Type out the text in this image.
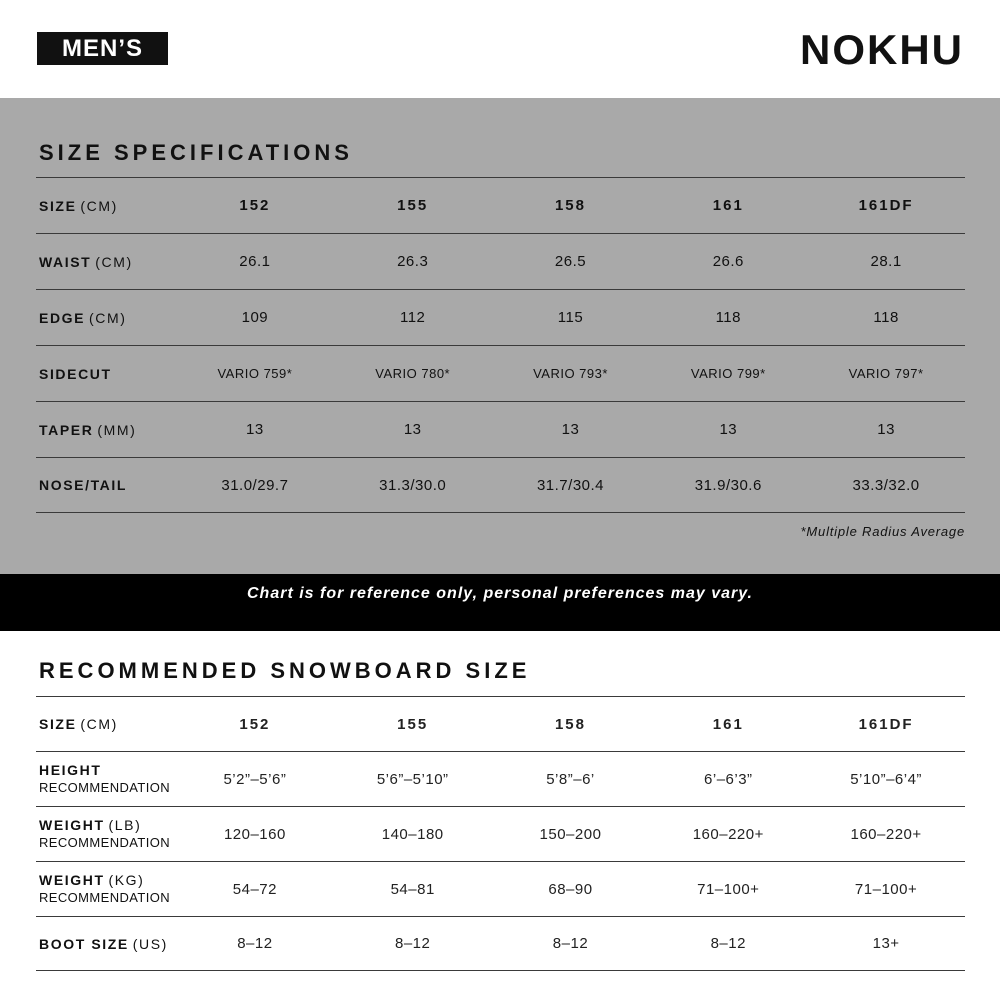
MEN’S	NOKHU
SIZE SPECIFICATIONS
SIZE (CM)	152	155	158	161	161DF
WAIST (CM)	26.1	26.3	26.5	26.6	28.1
EDGE (CM)	109	112	115	118	118
SIDECUT	VARIO 759*	VARIO 780*	VARIO 793*	VARIO 799*	VARIO 797*
TAPER (MM)	13	13	13	13	13
NOSE/TAIL	31.0/29.7	31.3/30.0	31.7/30.4	31.9/30.6	33.3/32.0
*Multiple Radius Average
Chart is for reference only, personal preferences may vary.
RECOMMENDED SNOWBOARD SIZE
SIZE (CM)	152	155	158	161	161DF
HEIGHT
RECOMMENDATION	5’2”–5’6”	5’6”–5’10”	5’8”–6’	6’–6’3”	5’10”–6’4”
WEIGHT (LB)
RECOMMENDATION	120–160	140–180	150–200	160–220+	160–220+
WEIGHT (KG)
RECOMMENDATION	54–72	54–81	68–90	71–100+	71–100+
BOOT SIZE (US)	8–12	8–12	8–12	8–12	13+
